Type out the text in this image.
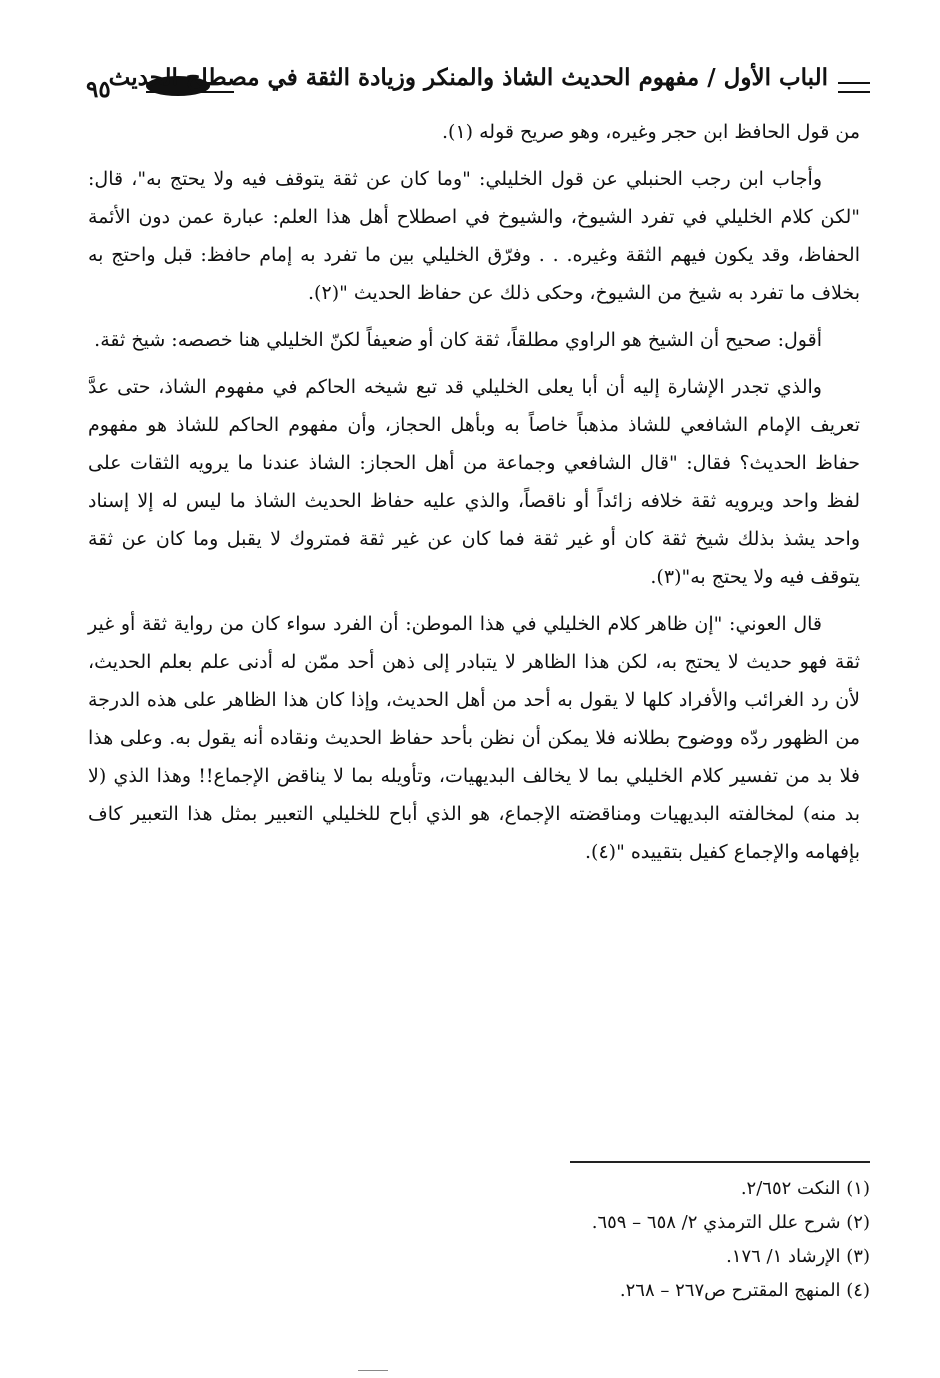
٩٥
الباب الأول / مفهوم الحديث الشاذ والمنكر وزيادة الثقة في مصطلح الحديث

من قول الحافظ ابن حجر وغيره، وهو صريح قوله (١).

وأجاب ابن رجب الحنبلي عن قول الخليلي: "وما كان عن ثقة يتوقف فيه ولا يحتج به"، قال: "لكن كلام الخليلي في تفرد الشيوخ، والشيوخ في اصطلاح أهل هذا العلم: عبارة عمن دون الأئمة الحفاظ، وقد يكون فيهم الثقة وغيره. . . وفرّق الخليلي بين ما تفرد به إمام حافظ: قبل واحتج به بخلاف ما تفرد به شيخ من الشيوخ، وحكى ذلك عن حفاظ الحديث "(٢).

أقول: صحيح أن الشيخ هو الراوي مطلقاً، ثقة كان أو ضعيفاً لكنّ الخليلي هنا خصصه: شيخ ثقة.

والذي تجدر الإشارة إليه أن أبا يعلى الخليلي قد تبع شيخه الحاكم في مفهوم الشاذ، حتى عدَّ تعريف الإمام الشافعي للشاذ مذهباً خاصاً به وبأهل الحجاز، وأن مفهوم الحاكم للشاذ هو مفهوم حفاظ الحديث؟ فقال: "قال الشافعي وجماعة من أهل الحجاز: الشاذ عندنا ما يرويه الثقات على لفظ واحد ويرويه ثقة خلافه زائداً أو ناقصاً، والذي عليه حفاظ الحديث الشاذ ما ليس له إلا إسناد واحد يشذ بذلك شيخ ثقة كان أو غير ثقة فما كان عن غير ثقة فمتروك لا يقبل وما كان عن ثقة يتوقف فيه ولا يحتج به"(٣).

قال العوني: "إن ظاهر كلام الخليلي في هذا الموطن: أن الفرد سواء كان من رواية ثقة أو غير ثقة فهو حديث لا يحتج به، لكن هذا الظاهر لا يتبادر إلى ذهن أحد ممّن له أدنى علم بعلم الحديث، لأن رد الغرائب والأفراد كلها لا يقول به أحد من أهل الحديث، وإذا كان هذا الظاهر على هذه الدرجة من الظهور ردّه ووضوح بطلانه فلا يمكن أن نظن بأحد حفاظ الحديث ونقاده أنه يقول به. وعلى هذا فلا بد من تفسير كلام الخليلي بما لا يخالف البديهيات، وتأويله بما لا يناقض الإجماع!! وهذا الذي (لا بد منه) لمخالفته البديهيات ومناقضته الإجماع، هو الذي أباح للخليلي التعبير بمثل هذا التعبير كاف بإفهامه والإجماع كفيل بتقييده "(٤).

(١) النكت ٢/٦٥٢.
(٢) شرح علل الترمذي ٢/ ٦٥٨ – ٦٥٩.
(٣) الإرشاد ١/ ١٧٦.
(٤) المنهج المقترح ص٢٦٧ – ٢٦٨.
